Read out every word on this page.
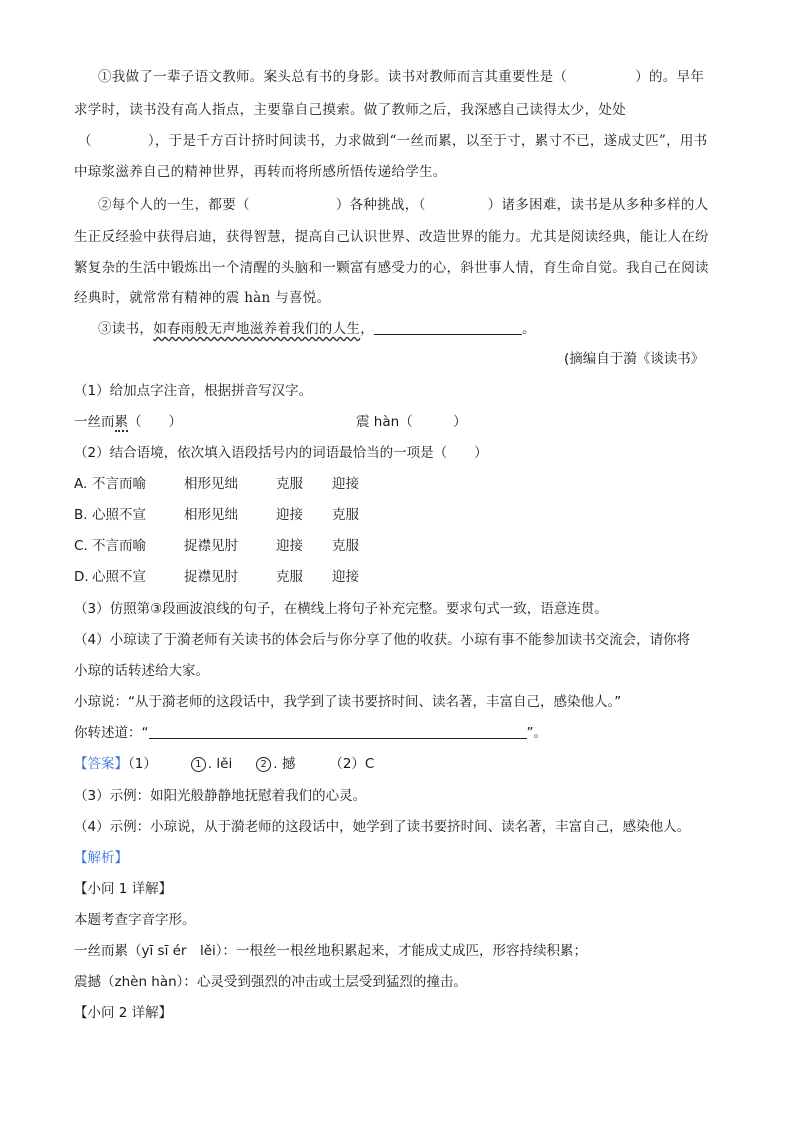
①我做了一辈子语文教师。案头总有书的身影。读书对教师而言其重要性是（	）的。早年
求学时，读书没有高人指点，主要靠自己摸索。做了教师之后，我深感自己读得太少，处处
（	），于是千方百计挤时间读书，力求做到“一丝而累，以至于寸，累寸不已，遂成丈匹”，用书
中琼浆滋养自己的精神世界，再转而将所感所悟传递给学生。
②每个人的一生，都要（	）各种挑战，（	）诸多困难，读书是从多种多样的人
生正反经验中获得启迪，获得智慧，提高自己认识世界、改造世界的能力。尤其是阅读经典，能让人在纷
繁复杂的生活中锻炼出一个清醒的头脑和一颗富有感受力的心，斜世事人情，育生命自觉。我自己在阅读
经典时，就常常有精神的震 hàn 与喜悦。
③读书，如春雨般无声地滋养着我们的人生，	。
(摘编自于漪《谈读书》
（1）给加点字注音，根据拼音写汉字。
一丝而累（　　）	震 hàn（　　　）
（2）结合语境，依次填入语段括号内的词语最恰当的一项是（　　）
A. 不言而喻	相形见绌	克服 迎接
B. 心照不宣	相形见绌	迎接 克服
C. 不言而喻	捉襟见肘	迎接 克服
D. 心照不宣	捉襟见肘	克服 迎接
（3）仿照第③段画波浪线的句子，在横线上将句子补充完整。要求句式一致，语意连贯。
（4）小琼读了于漪老师有关读书的体会后与你分享了他的收获。小琼有事不能参加读书交流会，请你将
小琼的话转述给大家。
小琼说：“从于漪老师的这段话中，我学到了读书要挤时间、读名著，丰富自己，感染他人。”
你转述道：“	”。
【答案】（1）	1 . lěi	2 . 撼	（2）C
（3）示例：如阳光般静静地抚慰着我们的心灵。
（4）示例：小琼说，从于漪老师的这段话中，她学到了读书要挤时间、读名著，丰富自己，感染他人。
【解析】
【小问 1 详解】
本题考查字音字形。
一丝而累（yī sī ér　lěi）：一根丝一根丝地积累起来，才能成丈成匹，形容持续积累；
震撼（zhèn hàn）：心灵受到强烈的冲击或土层受到猛烈的撞击。
【小问 2 详解】
